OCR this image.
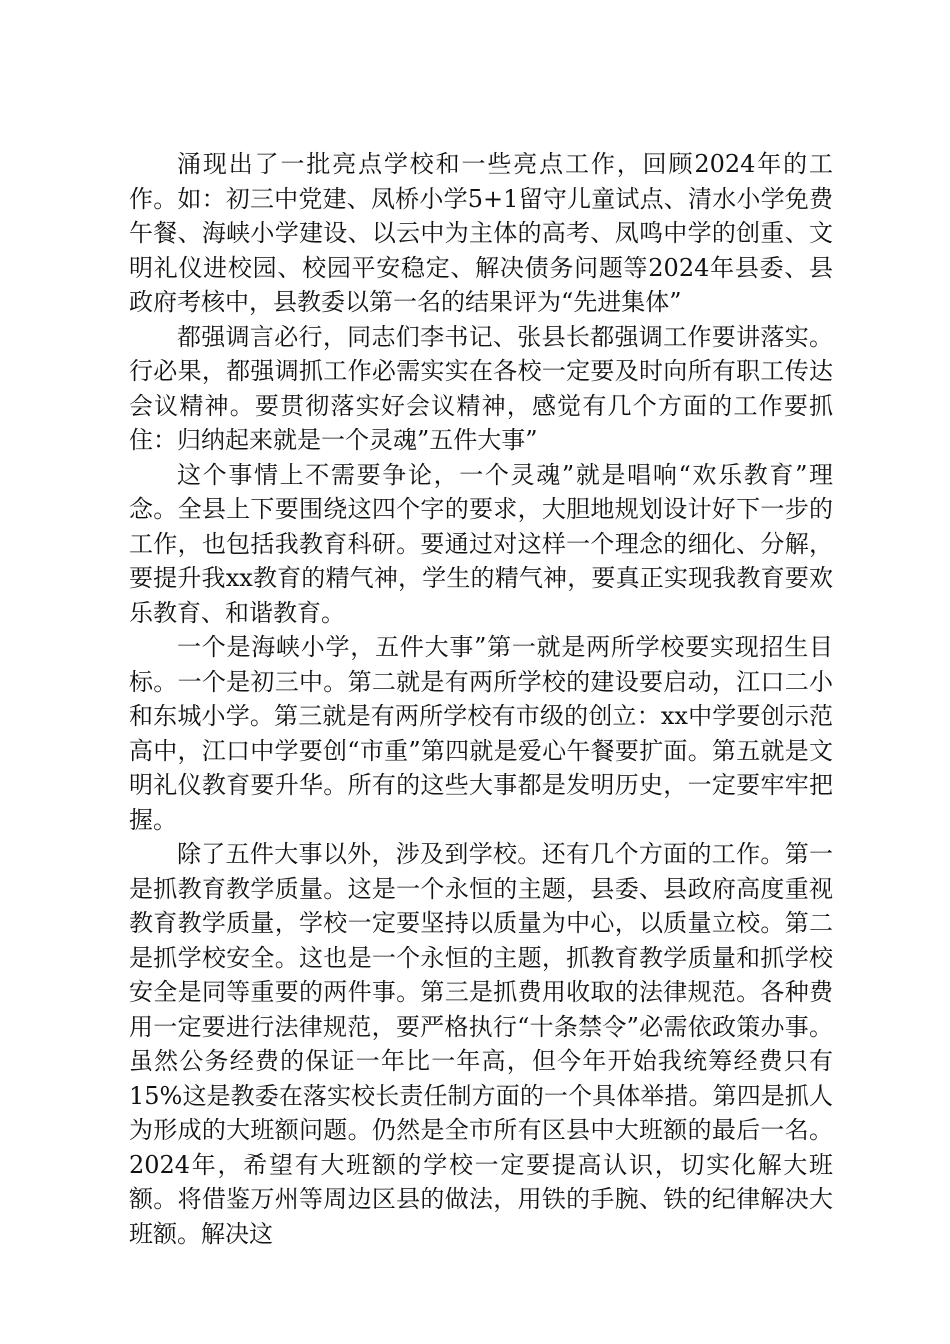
涌现出了一批亮点学校和一些亮点工作，回顾2024年的工作。如：初三中党建、凤桥小学5+1留守儿童试点、清水小学免费午餐、海峡小学建设、以云中为主体的高考、凤鸣中学的创重、文明礼仪进校园、校园平安稳定、解决债务问题等2024年县委、县政府考核中，县教委以第一名的结果评为“先进集体”

都强调言必行，同志们李书记、张县长都强调工作要讲落实。行必果，都强调抓工作必需实实在各校一定要及时向所有职工传达会议精神。要贯彻落实好会议精神，感觉有几个方面的工作要抓住：归纳起来就是一个灵魂”五件大事”

这个事情上不需要争论，一个灵魂”就是唱响“欢乐教育”理念。全县上下要围绕这四个字的要求，大胆地规划设计好下一步的工作，也包括我教育科研。要通过对这样一个理念的细化、分解，要提升我xx教育的精气神，学生的精气神，要真正实现我教育要欢乐教育、和谐教育。

一个是海峡小学，五件大事”第一就是两所学校要实现招生目标。一个是初三中。第二就是有两所学校的建设要启动，江口二小和东城小学。第三就是有两所学校有市级的创立：xx中学要创示范高中，江口中学要创“市重”第四就是爱心午餐要扩面。第五就是文明礼仪教育要升华。所有的这些大事都是发明历史，一定要牢牢把握。

除了五件大事以外，涉及到学校。还有几个方面的工作。第一是抓教育教学质量。这是一个永恒的主题，县委、县政府高度重视教育教学质量，学校一定要坚持以质量为中心，以质量立校。第二是抓学校安全。这也是一个永恒的主题，抓教育教学质量和抓学校安全是同等重要的两件事。第三是抓费用收取的法律规范。各种费用一定要进行法律规范，要严格执行“十条禁令”必需依政策办事。虽然公务经费的保证一年比一年高，但今年开始我统筹经费只有15%这是教委在落实校长责任制方面的一个具体举措。第四是抓人为形成的大班额问题。仍然是全市所有区县中大班额的最后一名。2024年，希望有大班额的学校一定要提高认识，切实化解大班额。将借鉴万州等周边区县的做法，用铁的手腕、铁的纪律解决大班额。解决这
